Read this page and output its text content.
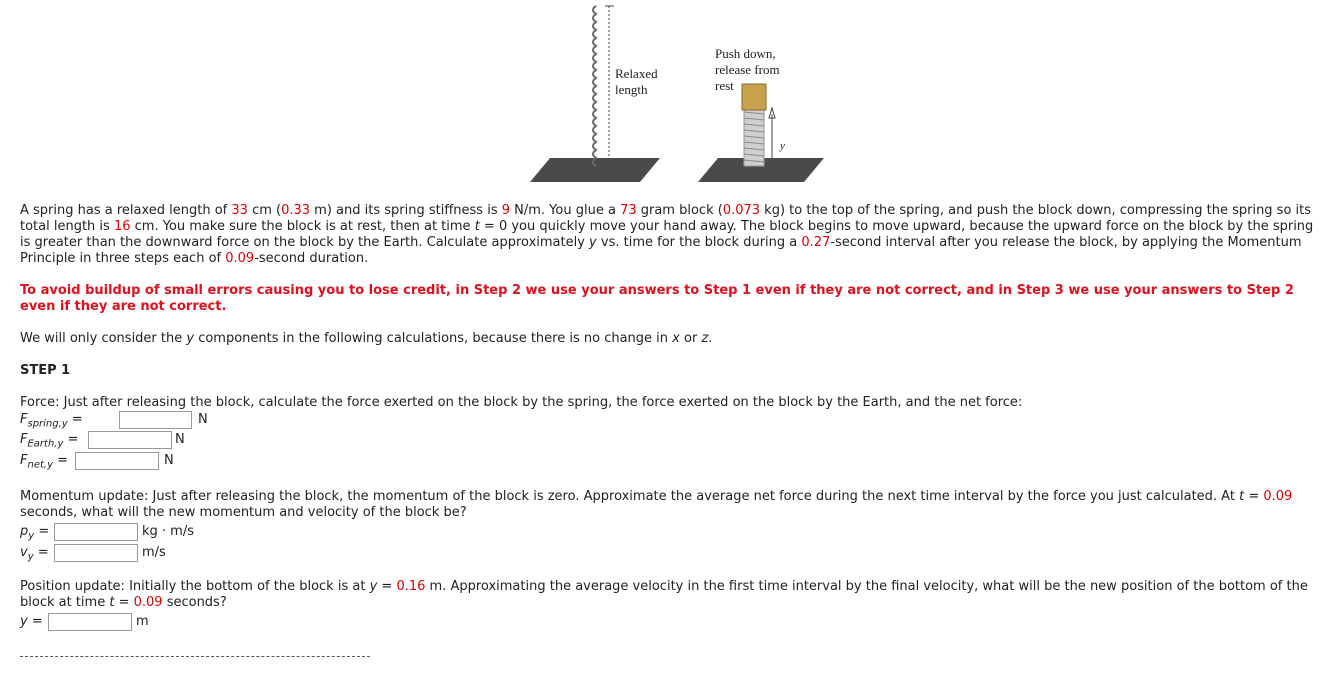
Relaxed
length
Push down,
release from
rest
y

A spring has a relaxed length of 33 cm (0.33 m) and its spring stiffness is 9 N/m. You glue a 73 gram block (0.073 kg) to the top of the spring, and push the block down, compressing the spring so its total length is 16 cm. You make sure the block is at rest, then at time t = 0 you quickly move your hand away. The block begins to move upward, because the upward force on the block by the spring is greater than the downward force on the block by the Earth. Calculate approximately y vs. time for the block during a 0.27-second interval after you release the block, by applying the Momentum Principle in three steps each of 0.09-second duration.

To avoid buildup of small errors causing you to lose credit, in Step 2 we use your answers to Step 1 even if they are not correct, and in Step 3 we use your answers to Step 2 even if they are not correct.

We will only consider the y components in the following calculations, because there is no change in x or z.

STEP 1

Force: Just after releasing the block, calculate the force exerted on the block by the spring, the force exerted on the block by the Earth, and the net force:

$F_{spring,y}$ =	N
$F_{Earth,y}$ =	N
$F_{net,y}$ =	N

Momentum update: Just after releasing the block, the momentum of the block is zero. Approximate the average net force during the next time interval by the force you just calculated. At t = 0.09 seconds, what will the new momentum and velocity of the block be?

$p_y$ =	kg · m/s
$v_y$ =	m/s

Position update: Initially the bottom of the block is at y = 0.16 m. Approximating the average velocity in the first time interval by the final velocity, what will be the new position of the bottom of the block at time t = 0.09 seconds?

y =	m
